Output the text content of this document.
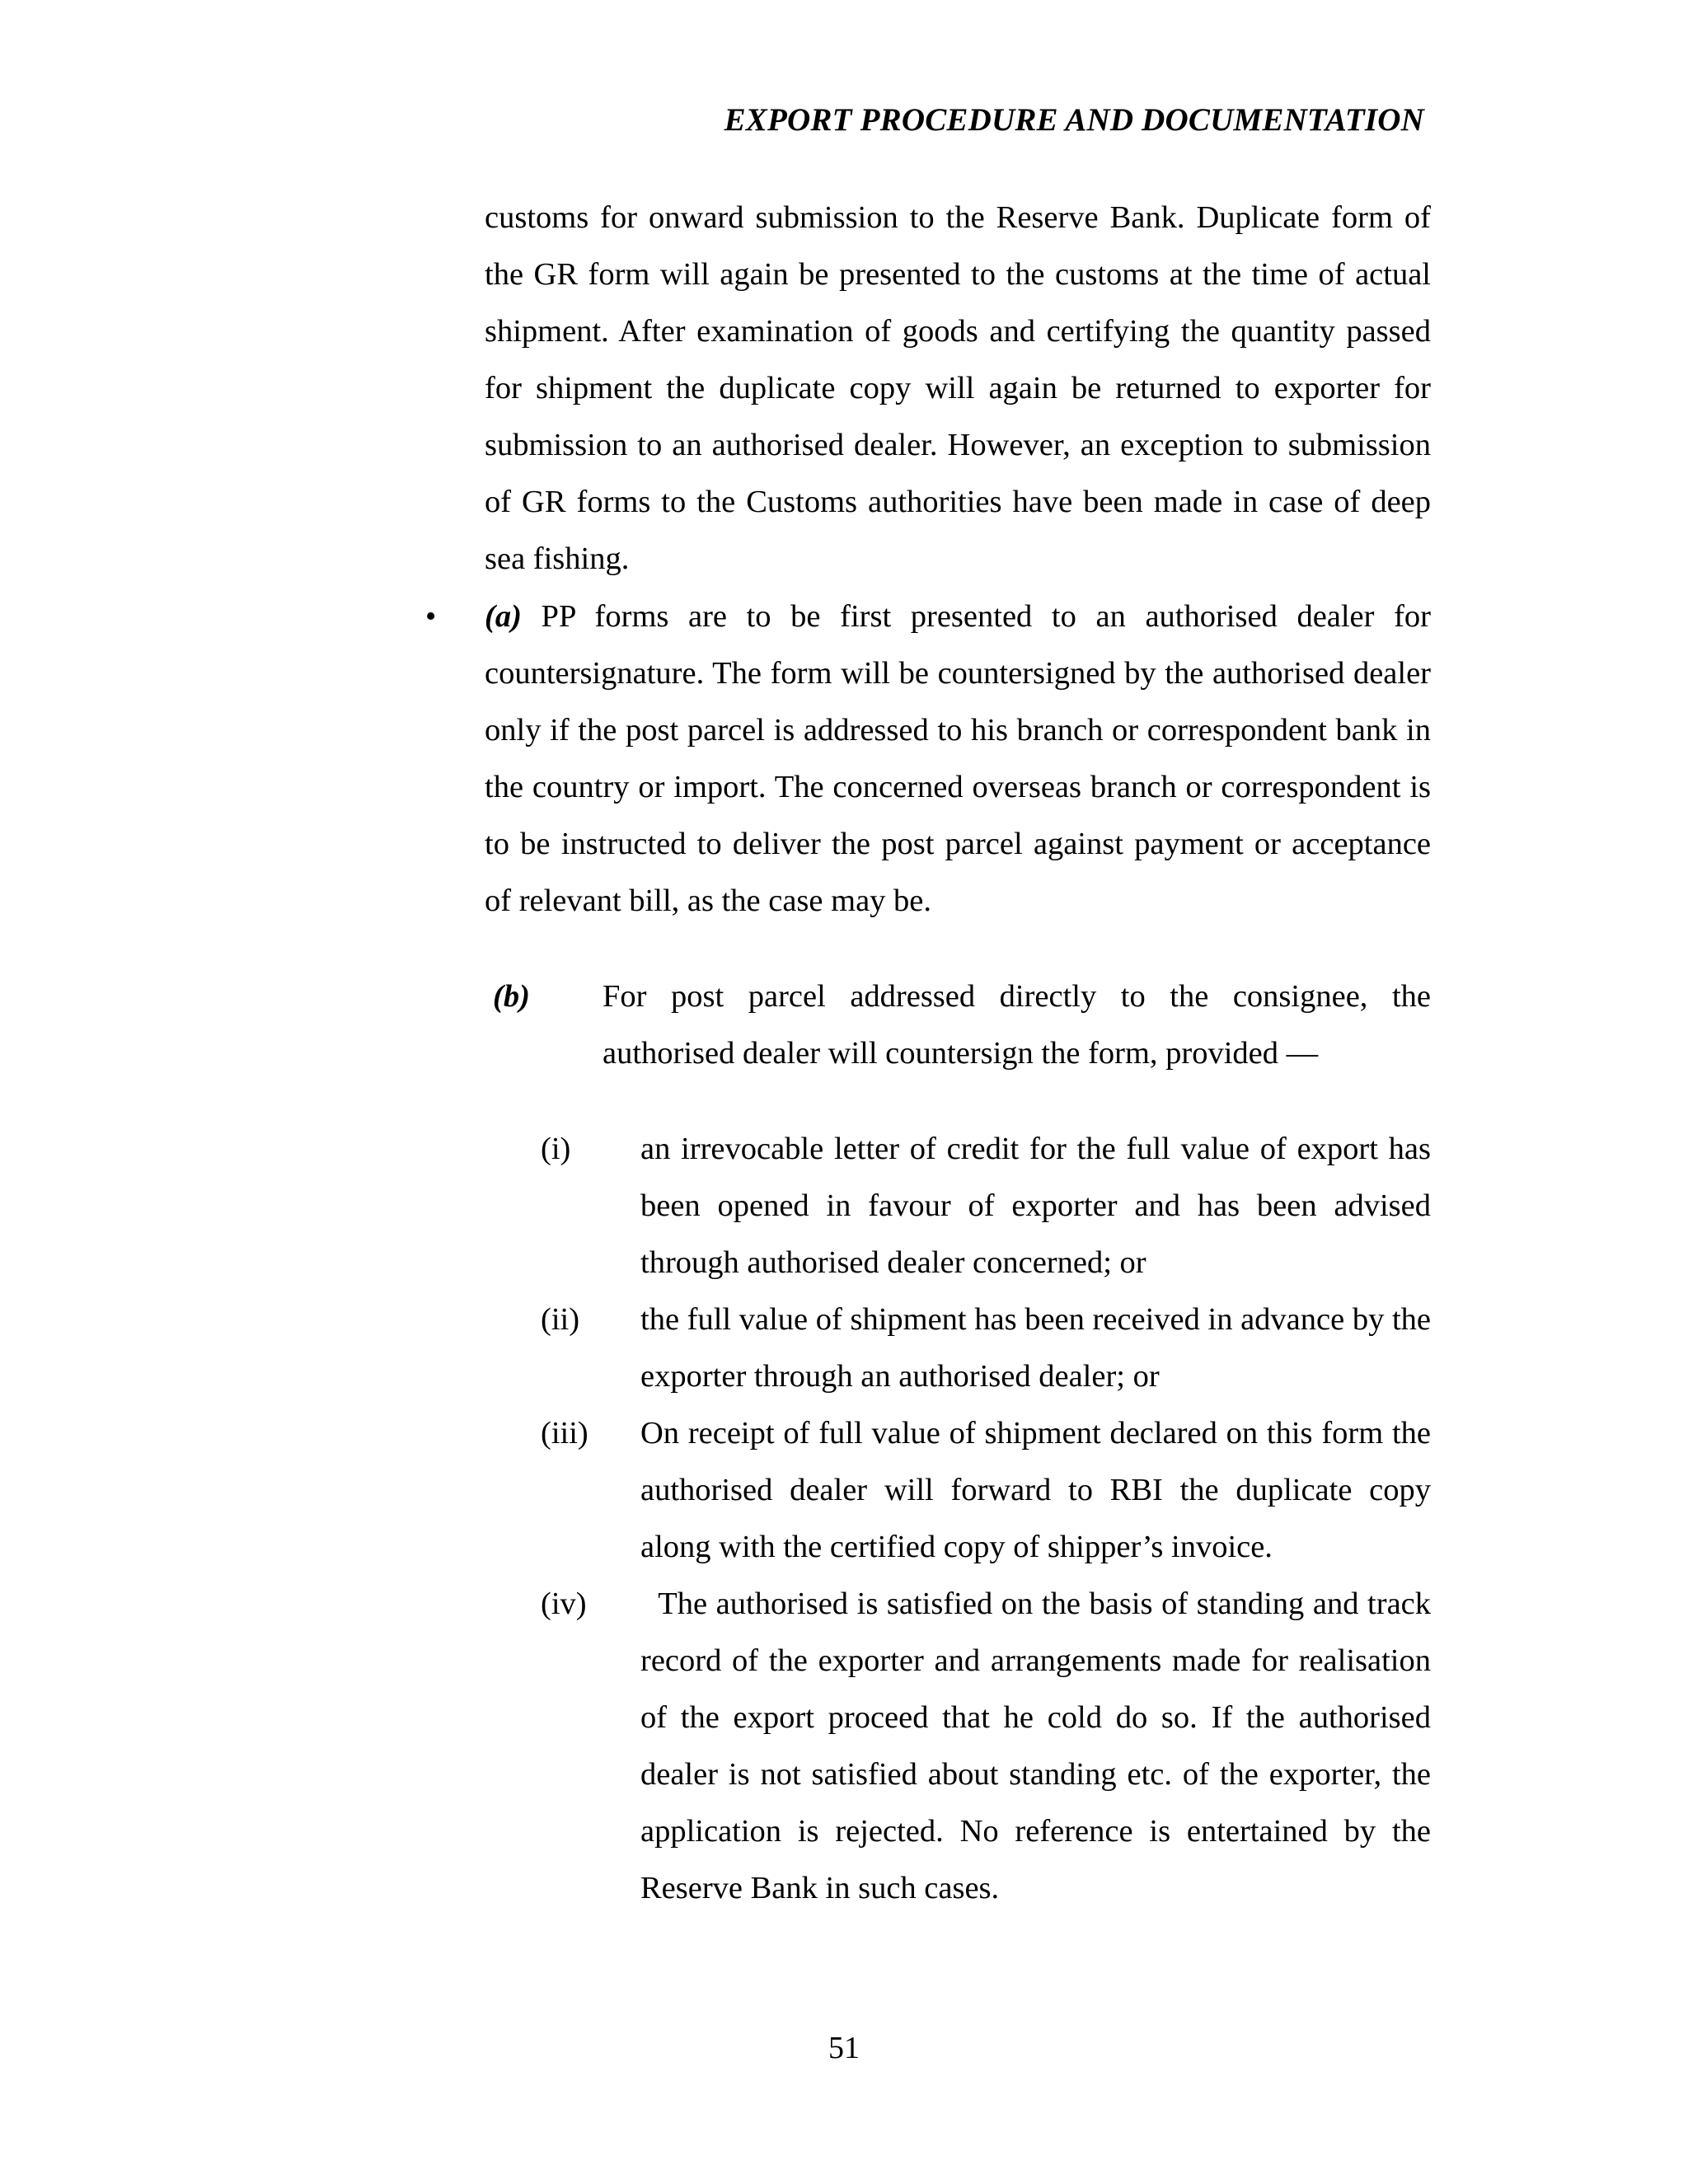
EXPORT PROCEDURE AND DOCUMENTATION
customs for onward submission to the Reserve Bank. Duplicate form of the GR form will again be presented to the customs at the time of actual shipment. After examination of goods and certifying the quantity passed for shipment the duplicate copy will again be returned to exporter for submission to an authorised dealer. However, an exception to submission of GR forms to the Customs authorities have been made in case of deep sea fishing.
• (a) PP forms are to be first presented to an authorised dealer for countersignature. The form will be countersigned by the authorised dealer only if the post parcel is addressed to his branch or correspondent bank in the country or import. The concerned overseas branch or correspondent is to be instructed to deliver the post parcel against payment or acceptance of relevant bill, as the case may be.
(b) For post parcel addressed directly to the consignee, the authorised dealer will countersign the form, provided —
(i) an irrevocable letter of credit for the full value of export has been opened in favour of exporter and has been advised through authorised dealer concerned; or
(ii) the full value of shipment has been received in advance by the exporter through an authorised dealer; or
(iii) On receipt of full value of shipment declared on this form the authorised dealer will forward to RBI the duplicate copy along with the certified copy of shipper’s invoice.
(iv) The authorised is satisfied on the basis of standing and track record of the exporter and arrangements made for realisation of the export proceed that he cold do so. If the authorised dealer is not satisfied about standing etc. of the exporter, the application is rejected. No reference is entertained by the Reserve Bank in such cases.
51
